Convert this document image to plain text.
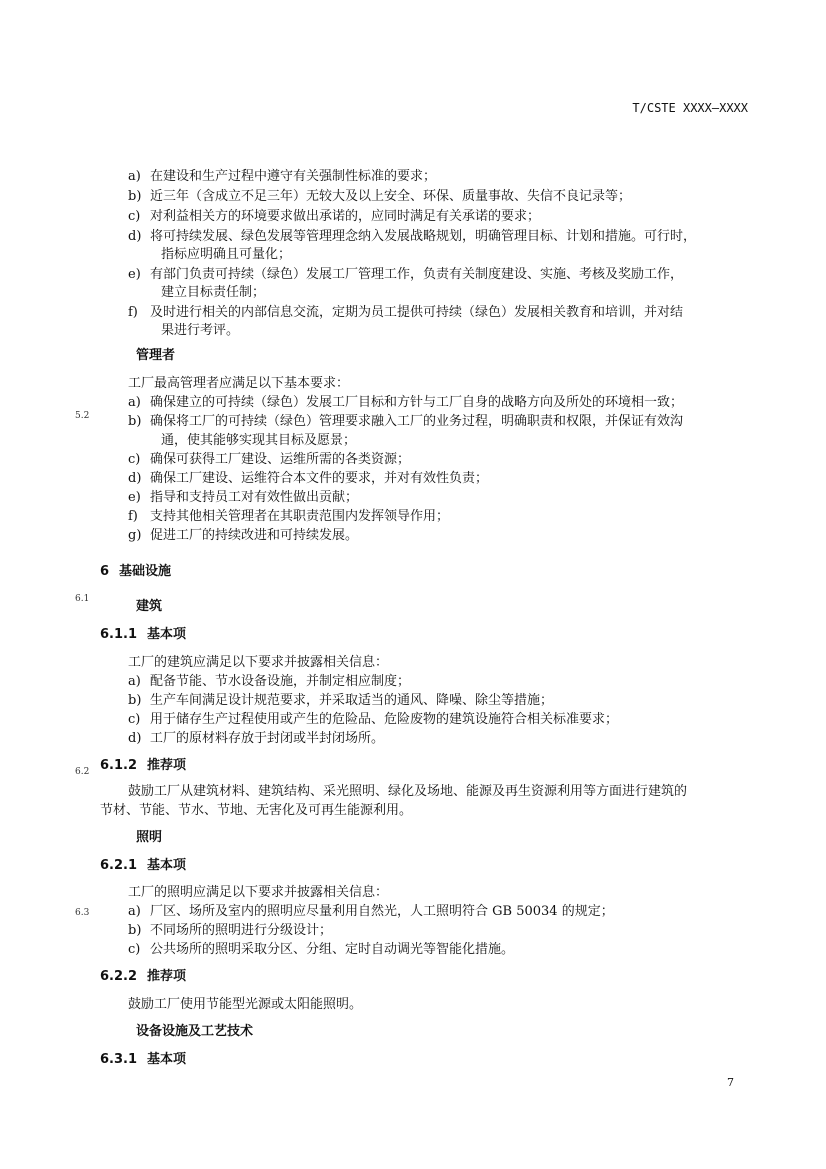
T/CSTE XXXX—XXXX
a) 在建设和生产过程中遵守有关强制性标准的要求；
b) 近三年（含成立不足三年）无较大及以上安全、环保、质量事故、失信不良记录等；
c) 对利益相关方的环境要求做出承诺的，应同时满足有关承诺的要求；
d) 将可持续发展、绿色发展等管理理念纳入发展战略规划，明确管理目标、计划和措施。可行时，
指标应明确且可量化；
e) 有部门负责可持续（绿色）发展工厂管理工作，负责有关制度建设、实施、考核及奖励工作，
建立目标责任制；
f) 及时进行相关的内部信息交流，定期为员工提供可持续（绿色）发展相关教育和培训，并对结
果进行考评。
5.2
管理者
工厂最高管理者应满足以下基本要求：
a) 确保建立的可持续（绿色）发展工厂目标和方针与工厂自身的战略方向及所处的环境相一致；
b) 确保将工厂的可持续（绿色）管理要求融入工厂的业务过程，明确职责和权限，并保证有效沟
通，使其能够实现其目标及愿景；
c) 确保可获得工厂建设、运维所需的各类资源；
d) 确保工厂建设、运维符合本文件的要求，并对有效性负责；
e) 指导和支持员工对有效性做出贡献；
f) 支持其他相关管理者在其职责范围内发挥领导作用；
g) 促进工厂的持续改进和可持续发展。
6 基础设施
6.1	建筑
6.1.1 基本项
工厂的建筑应满足以下要求并披露相关信息：
a) 配备节能、节水设备设施，并制定相应制度；
b) 生产车间满足设计规范要求，并采取适当的通风、降噪、除尘等措施；
c) 用于储存生产过程使用或产生的危险品、危险废物的建筑设施符合相关标准要求；
d) 工厂的原材料存放于封闭或半封闭场所。
6.2 6.1.2 推荐项
鼓励工厂从建筑材料、建筑结构、采光照明、绿化及场地、能源及再生资源利用等方面进行建筑的
节材、节能、节水、节地、无害化及可再生能源利用。
照明
6.2.1 基本项
工厂的照明应满足以下要求并披露相关信息：
6.3	a) 厂区、场所及室内的照明应尽量利用自然光，人工照明符合 GB 50034 的规定；
b) 不同场所的照明进行分级设计；
c) 公共场所的照明采取分区、分组、定时自动调光等智能化措施。
6.2.2 推荐项
鼓励工厂使用节能型光源或太阳能照明。
设备设施及工艺技术
6.3.1 基本项
7
